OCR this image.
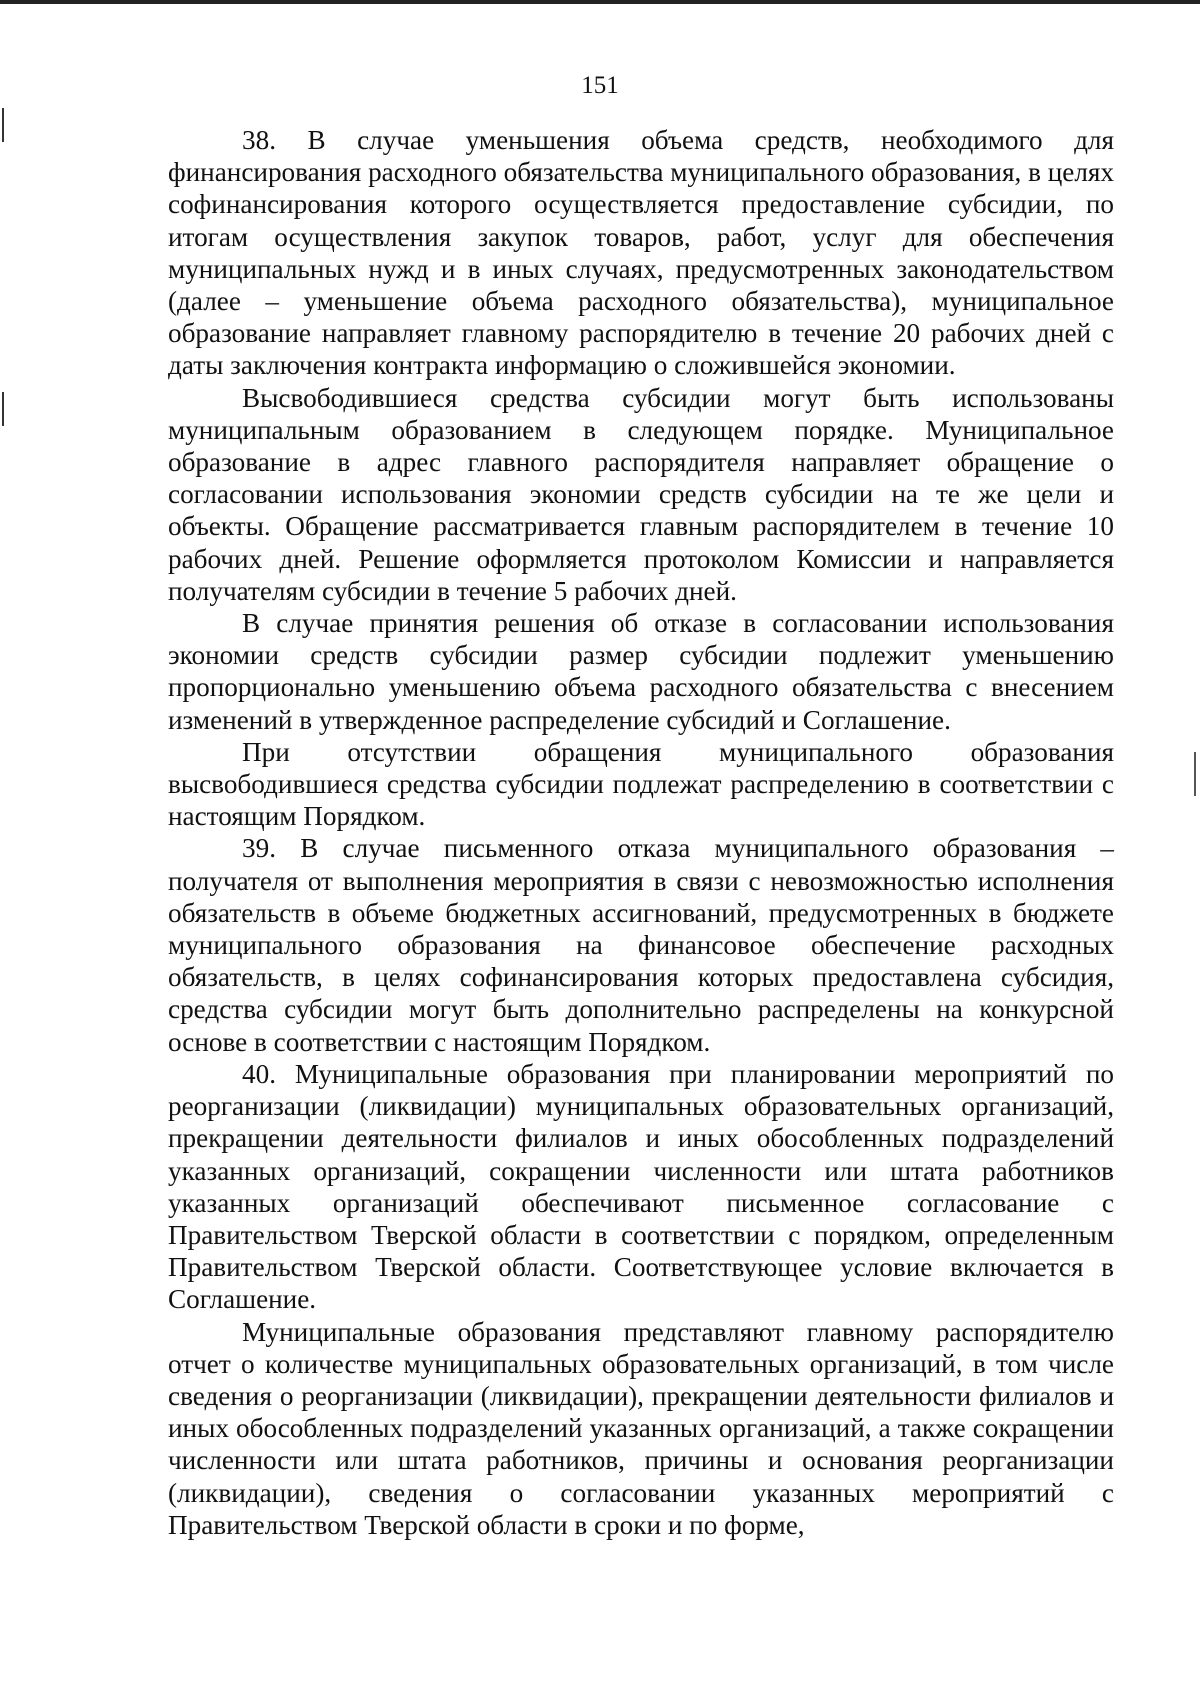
151

38. В случае уменьшения объема средств, необходимого для финансирования расходного обязательства муниципального образования, в целях софинансирования которого осуществляется предоставление субсидии, по итогам осуществления закупок товаров, работ, услуг для обеспечения муниципальных нужд и в иных случаях, предусмотренных законодательством (далее – уменьшение объема расходного обязательства), муниципальное образование направляет главному распорядителю в течение 20 рабочих дней с даты заключения контракта информацию о сложившейся экономии.

Высвободившиеся средства субсидии могут быть использованы муниципальным образованием в следующем порядке. Муниципальное образование в адрес главного распорядителя направляет обращение о согласовании использования экономии средств субсидии на те же цели и объекты. Обращение рассматривается главным распорядителем в течение 10 рабочих дней. Решение оформляется протоколом Комиссии и направляется получателям субсидии в течение 5 рабочих дней.

В случае принятия решения об отказе в согласовании использования экономии средств субсидии размер субсидии подлежит уменьшению пропорционально уменьшению объема расходного обязательства с внесением изменений в утвержденное распределение субсидий и Соглашение.

При отсутствии обращения муниципального образования высвободившиеся средства субсидии подлежат распределению в соответствии с настоящим Порядком.

39. В случае письменного отказа муниципального образования – получателя от выполнения мероприятия в связи с невозможностью исполнения обязательств в объеме бюджетных ассигнований, предусмотренных в бюджете муниципального образования на финансовое обеспечение расходных обязательств, в целях софинансирования которых предоставлена субсидия, средства субсидии могут быть дополнительно распределены на конкурсной основе в соответствии с настоящим Порядком.

40. Муниципальные образования при планировании мероприятий по реорганизации (ликвидации) муниципальных образовательных организаций, прекращении деятельности филиалов и иных обособленных подразделений указанных организаций, сокращении численности или штата работников указанных организаций обеспечивают письменное согласование с Правительством Тверской области в соответствии с порядком, определенным Правительством Тверской области. Соответствующее условие включается в Соглашение.

Муниципальные образования представляют главному распорядителю отчет о количестве муниципальных образовательных организаций, в том числе сведения о реорганизации (ликвидации), прекращении деятельности филиалов и иных обособленных подразделений указанных организаций, а также сокращении численности или штата работников, причины и основания реорганизации (ликвидации), сведения о согласовании указанных мероприятий с Правительством Тверской области в сроки и по форме,
